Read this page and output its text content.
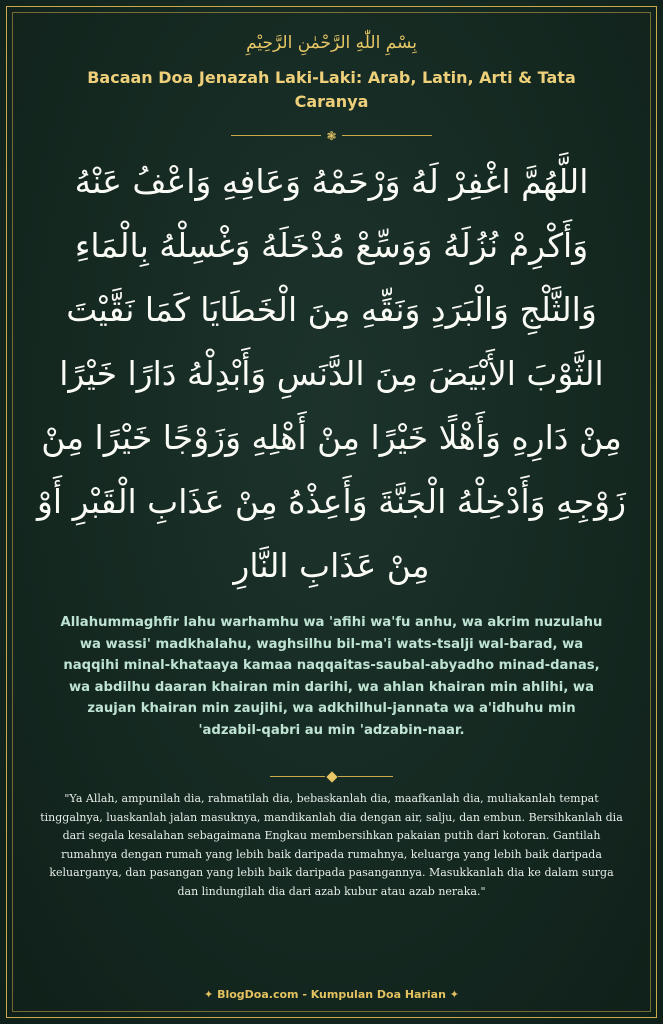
بِسْمِ اللّٰهِ الرَّحْمٰنِ الرَّحِيْمِ
Bacaan Doa Jenazah Laki-Laki: Arab, Latin, Arti & Tata Caranya
❃
اللَّهُمَّ اغْفِرْ لَهُ وَرْحَمْهُ وَعَافِهِ وَاعْفُ عَنْهُ وَأَكْرِمْ نُزُلَهُ وَوَسِّعْ مُدْخَلَهُ وَغْسِلْهُ بِالْمَاءِ وَالثَّلْجِ وَالْبَرَدِ وَنَقِّهِ مِنَ الْخَطَايَا كَمَا نَقَّيْتَ الثَّوْبَ الأَبْيَضَ مِنَ الدَّنَسِ وَأَبْدِلْهُ دَارًا خَيْرًا مِنْ دَارِهِ وَأَهْلًا خَيْرًا مِنْ أَهْلِهِ وَزَوْجًا خَيْرًا مِنْ زَوْجِهِ وَأَدْخِلْهُ الْجَنَّةَ وَأَعِذْهُ مِنْ عَذَابِ الْقَبْرِ أَوْ مِنْ عَذَابِ النَّارِ
Allahummaghfir lahu warhamhu wa 'afihi wa'fu anhu, wa akrim nuzulahu wa wassi' madkhalahu, waghsilhu bil-ma'i wats-tsalji wal-barad, wa naqqihi minal-khataaya kamaa naqqaitas-saubal-abyadho minad-danas, wa abdilhu daaran khairan min darihi, wa ahlan khairan min ahlihi, wa zaujan khairan min zaujihi, wa adkhilhul-jannata wa a'idhuhu min 'adzabil-qabri au min 'adzabin-naar.
"Ya Allah, ampunilah dia, rahmatilah dia, bebaskanlah dia, maafkanlah dia, muliakanlah tempat tinggalnya, luaskanlah jalan masuknya, mandikanlah dia dengan air, salju, dan embun. Bersihkanlah dia dari segala kesalahan sebagaimana Engkau membersihkan pakaian putih dari kotoran. Gantilah rumahnya dengan rumah yang lebih baik daripada rumahnya, keluarga yang lebih baik daripada keluarganya, dan pasangan yang lebih baik daripada pasangannya. Masukkanlah dia ke dalam surga dan lindungilah dia dari azab kubur atau azab neraka."
✦ BlogDoa.com - Kumpulan Doa Harian ✦
